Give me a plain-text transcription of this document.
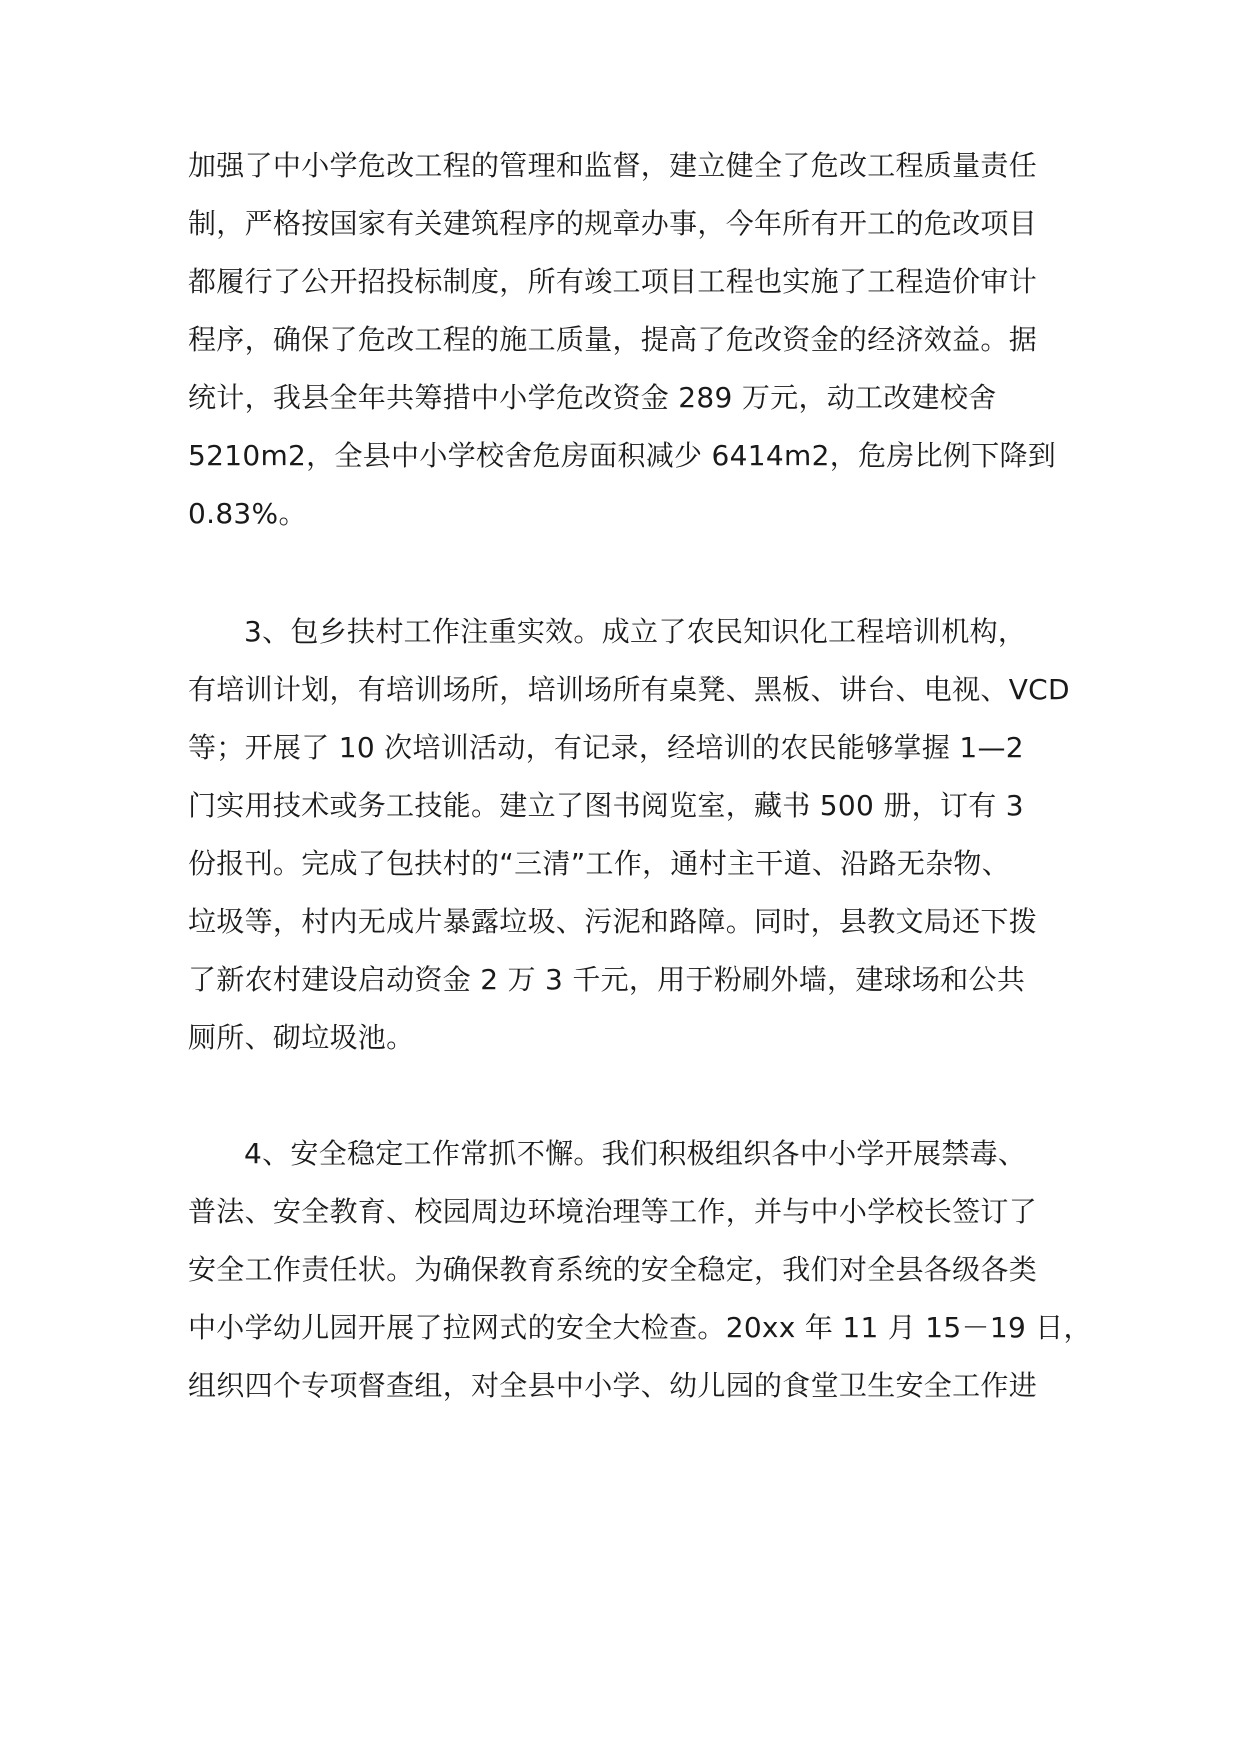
加强了中小学危改工程的管理和监督，建立健全了危改工程质量责任
制，严格按国家有关建筑程序的规章办事，今年所有开工的危改项目
都履行了公开招投标制度，所有竣工项目工程也实施了工程造价审计
程序，确保了危改工程的施工质量，提高了危改资金的经济效益。据
统计，我县全年共筹措中小学危改资金 289 万元，动工改建校舍
5210m2，全县中小学校舍危房面积减少 6414m2，危房比例下降到
0.83%。
3、包乡扶村工作注重实效。成立了农民知识化工程培训机构，
有培训计划，有培训场所，培训场所有桌凳、黑板、讲台、电视、VCD
等；开展了 10 次培训活动，有记录，经培训的农民能够掌握 1—2
门实用技术或务工技能。建立了图书阅览室，藏书 500 册，订有 3
份报刊。完成了包扶村的“三清”工作，通村主干道、沿路无杂物、
垃圾等，村内无成片暴露垃圾、污泥和路障。同时，县教文局还下拨
了新农村建设启动资金 2 万 3 千元，用于粉刷外墙，建球场和公共
厕所、砌垃圾池。
4、安全稳定工作常抓不懈。我们积极组织各中小学开展禁毒、
普法、安全教育、校园周边环境治理等工作，并与中小学校长签订了
安全工作责任状。为确保教育系统的安全稳定，我们对全县各级各类
中小学幼儿园开展了拉网式的安全大检查。20xx 年 11 月 15－19 日，
组织四个专项督查组，对全县中小学、幼儿园的食堂卫生安全工作进
